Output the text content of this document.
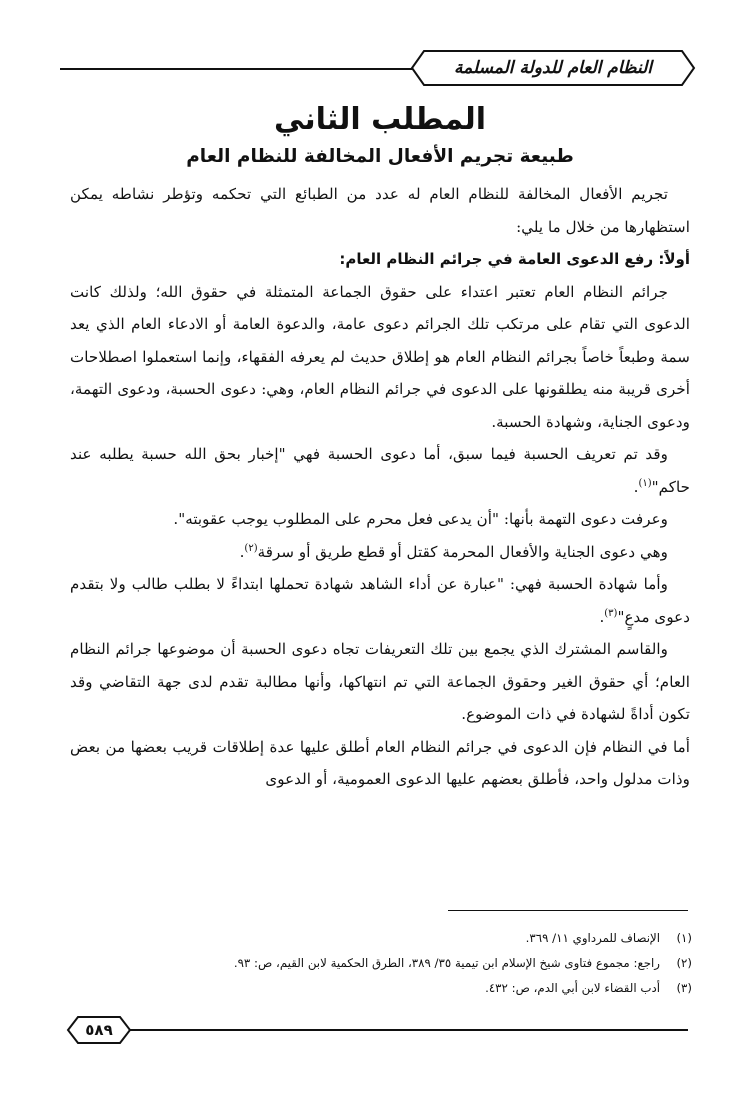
النظام العام للدولة المسلمة
المطلب الثاني
طبيعة تجريم الأفعال المخالفة للنظام العام

تجريم الأفعال المخالفة للنظام العام له عدد من الطبائع التي تحكمه وتؤطر نشاطه يمكن استظهارها من خلال ما يلي:

أولاً: رفع الدعوى العامة في جرائم النظام العام:

جرائم النظام العام تعتبر اعتداء على حقوق الجماعة المتمثلة في حقوق الله؛ ولذلك كانت الدعوى التي تقام على مرتكب تلك الجرائم دعوى عامة، والدعوة العامة أو الادعاء العام الذي يعد سمة وطبعاً خاصاً بجرائم النظام العام هو إطلاق حديث لم يعرفه الفقهاء، وإنما استعملوا اصطلاحات أخرى قريبة منه يطلقونها على الدعوى في جرائم النظام العام، وهي: دعوى الحسبة، ودعوى التهمة، ودعوى الجناية، وشهادة الحسبة.

وقد تم تعريف الحسبة فيما سبق، أما دعوى الحسبة فهي "إخبار بحق الله حسبة يطلبه عند حاكم"$^{(١)}$.

وعرفت دعوى التهمة بأنها: "أن يدعى فعل محرم على المطلوب يوجب عقوبته".

وهي دعوى الجناية والأفعال المحرمة كقتل أو قطع طريق أو سرقة$^{(٢)}$.

وأما شهادة الحسبة فهي: "عبارة عن أداء الشاهد شهادة تحملها ابتداءً لا بطلب طالب ولا بتقدم دعوى مدعٍ"$^{(٣)}$.

والقاسم المشترك الذي يجمع بين تلك التعريفات تجاه دعوى الحسبة أن موضوعها جرائم النظام العام؛ أي حقوق الغير وحقوق الجماعة التي تم انتهاكها، وأنها مطالبة تقدم لدى جهة التقاضي وقد تكون أداةً لشهادة في ذات الموضوع.

أما في النظام فإن الدعوى في جرائم النظام العام أطلق عليها عدة إطلاقات قريب بعضها من بعض وذات مدلول واحد، فأطلق بعضهم عليها الدعوى العمومية، أو الدعوى

(١)الإنصاف للمرداوي ١١/ ٣٦٩.
(٢)راجع: مجموع فتاوى شيخ الإسلام ابن تيمية ٣٥/ ٣٨٩، الطرق الحكمية لابن القيم، ص: ٩٣.
(٣)أدب القضاء لابن أبي الدم، ص: ٤٣٢.
٥٨٩
